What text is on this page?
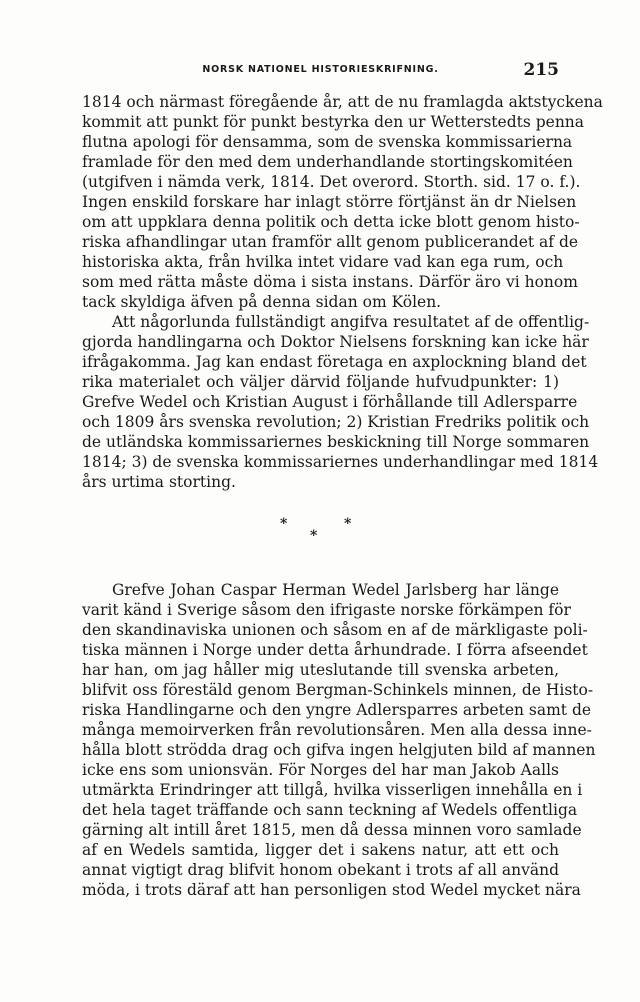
NORSK NATIONEL HISTORIESKRIFNING.	215
1814 och närmast föregående år, att de nu framlagda aktstyckena
kommit att punkt för punkt bestyrka den ur Wetterstedts penna
flutna apologi för densamma, som de svenska kommissarierna
framlade för den med dem underhandlande stortingskomitéen
(utgifven i nämda verk, 1814. Det overord. Storth. sid. 17 o. f.).
Ingen enskild forskare har inlagt större förtjänst än dr Nielsen
om att uppklara denna politik och detta icke blott genom histo-
riska afhandlingar utan framför allt genom publicerandet af de
historiska akta, från hvilka intet vidare vad kan ega rum, och
som med rätta måste döma i sista instans. Därför äro vi honom
tack skyldiga äfven på denna sidan om Kölen.
Att någorlunda fullständigt angifva resultatet af de offentlig-
gjorda handlingarna och Doktor Nielsens forskning kan icke här
ifrågakomma. Jag kan endast företaga en axplockning bland det
rika materialet och väljer därvid följande hufvudpunkter: 1)
Grefve Wedel och Kristian August i förhållande till Adlersparre
och 1809 års svenska revolution; 2) Kristian Fredriks politik och
de utländska kommissariernes beskickning till Norge sommaren
1814; 3) de svenska kommissariernes underhandlingar med 1814
års urtima storting.
*
*
*
Grefve Johan Caspar Herman Wedel Jarlsberg har länge
varit känd i Sverige såsom den ifrigaste norske förkämpen för
den skandinaviska unionen och såsom en af de märkligaste poli-
tiska männen i Norge under detta århundrade. I förra afseendet
har han, om jag håller mig uteslutande till svenska arbeten,
blifvit oss förestäld genom Bergman-Schinkels minnen, de Histo-
riska Handlingarne och den yngre Adlersparres arbeten samt de
många memoirverken från revolutionsåren. Men alla dessa inne-
hålla blott strödda drag och gifva ingen helgjuten bild af mannen
icke ens som unionsvän. För Norges del har man Jakob Aalls
utmärkta Erindringer att tillgå, hvilka visserligen innehålla en i
det hela taget träffande och sann teckning af Wedels offentliga
gärning alt intill året 1815, men då dessa minnen voro samlade
af en Wedels samtida, ligger det i sakens natur, att ett och
annat vigtigt drag blifvit honom obekant i trots af all använd
möda, i trots däraf att han personligen stod Wedel mycket nära
